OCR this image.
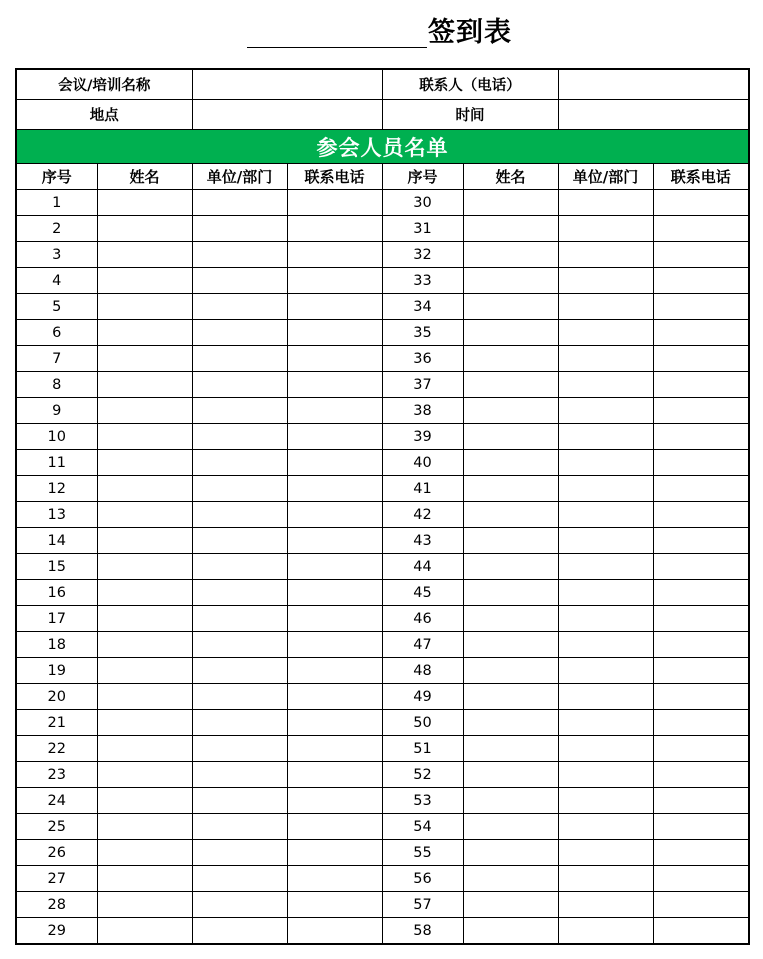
签到表
会议/培训名称				联系人（电话）			
地点				时间			
参会人员名单							
序号	姓名	单位/部门	联系电话	序号	姓名	单位/部门	联系电话
1				30			
2				31			
3				32			
4				33			
5				34			
6				35			
7				36			
8				37			
9				38			
10				39			
11				40			
12				41			
13				42			
14				43			
15				44			
16				45			
17				46			
18				47			
19				48			
20				49			
21				50			
22				51			
23				52			
24				53			
25				54			
26				55			
27				56			
28				57			
29				58			
